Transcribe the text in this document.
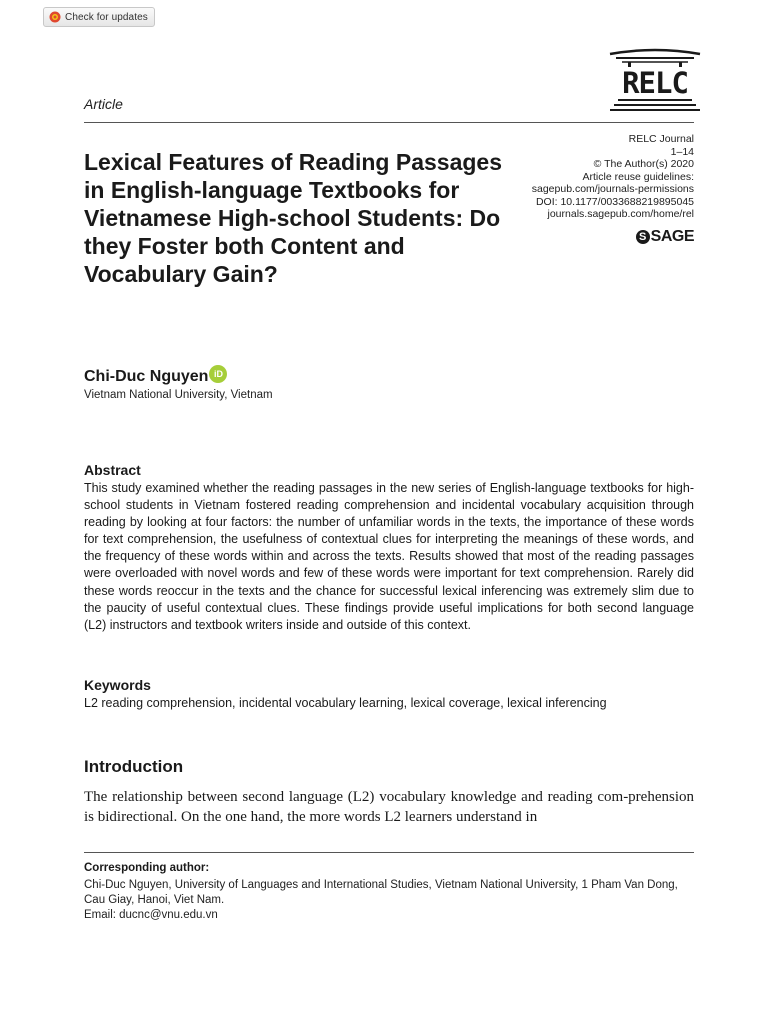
Check for updates
RELC
Article
Lexical Features of Reading Passages in English-language Textbooks for Vietnamese High-school Students: Do they Foster both Content and Vocabulary Gain?
RELC Journal
1–14
© The Author(s) 2020
Article reuse guidelines:
sagepub.com/journals-permissions
DOI: 10.1177/0033688219895045
journals.sagepub.com/home/rel
S SAGE
Chi-Duc Nguyen iD
Vietnam National University, Vietnam
Abstract
This study examined whether the reading passages in the new series of English-language textbooks for high-school students in Vietnam fostered reading comprehension and incidental vocabulary acquisition through reading by looking at four factors: the number of unfamiliar words in the texts, the importance of these words for text comprehension, the usefulness of contextual clues for interpreting the meanings of these words, and the frequency of these words within and across the texts. Results showed that most of the reading passages were overloaded with novel words and few of these words were important for text comprehension. Rarely did these words reoccur in the texts and the chance for successful lexical inferencing was extremely slim due to the paucity of useful contextual clues. These findings provide useful implications for both second language (L2) instructors and textbook writers inside and outside of this context.
Keywords
L2 reading comprehension, incidental vocabulary learning, lexical coverage, lexical inferencing
Introduction
The relationship between second language (L2) vocabulary knowledge and reading com-prehension is bidirectional. On the one hand, the more words L2 learners understand in
Corresponding author:
Chi-Duc Nguyen, University of Languages and International Studies, Vietnam National University, 1 Pham Van Dong, Cau Giay, Hanoi, Viet Nam.
Email: ducnc@vnu.edu.vn
